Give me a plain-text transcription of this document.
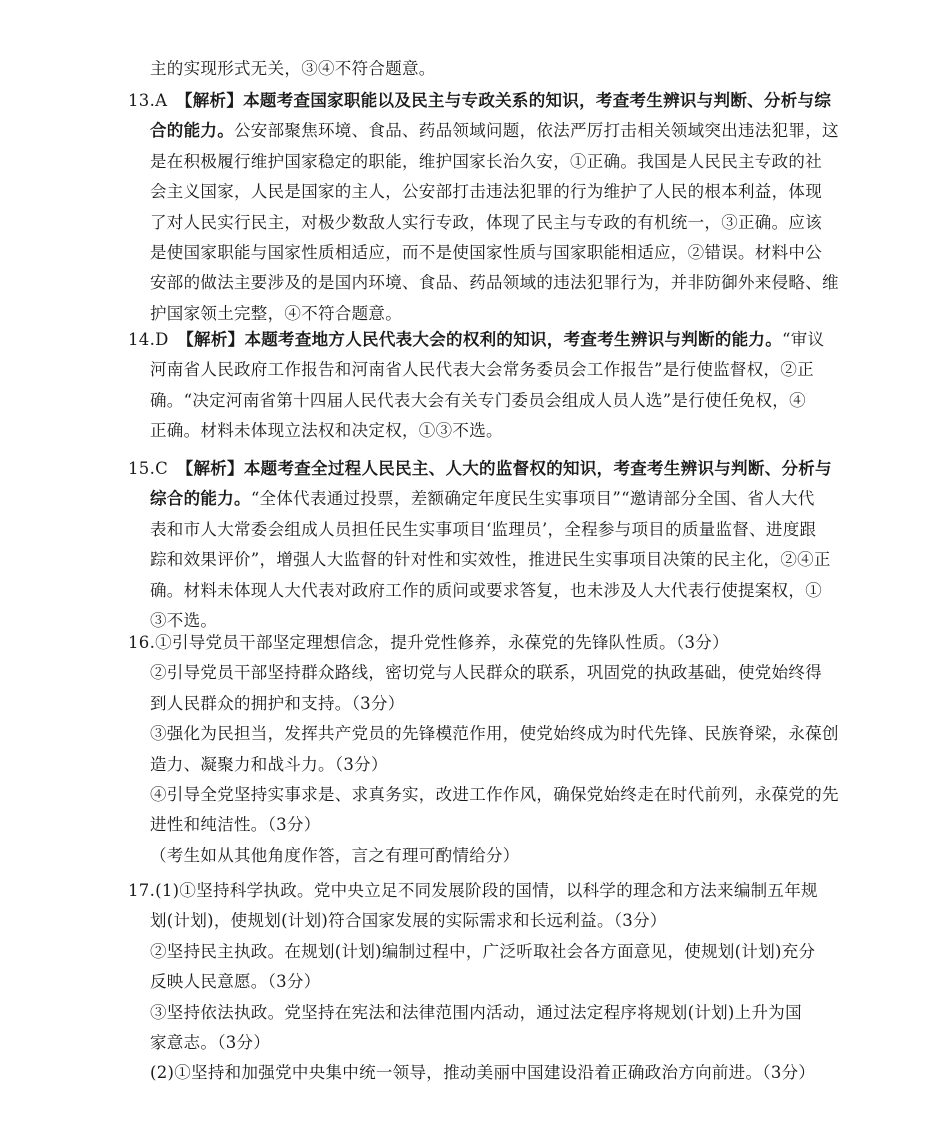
主的实现形式无关，③④不符合题意。
13.A  【解析】本题考查国家职能以及民主与专政关系的知识，考查考生辨识与判断、分析与综
合的能力。公安部聚焦环境、食品、药品领域问题，依法严厉打击相关领域突出违法犯罪，这
是在积极履行维护国家稳定的职能，维护国家长治久安，①正确。我国是人民民主专政的社
会主义国家，人民是国家的主人，公安部打击违法犯罪的行为维护了人民的根本利益，体现
了对人民实行民主，对极少数敌人实行专政，体现了民主与专政的有机统一，③正确。应该
是使国家职能与国家性质相适应，而不是使国家性质与国家职能相适应，②错误。材料中公
安部的做法主要涉及的是国内环境、食品、药品领域的违法犯罪行为，并非防御外来侵略、维
护国家领土完整，④不符合题意。
14.D  【解析】本题考查地方人民代表大会的权利的知识，考查考生辨识与判断的能力。“审议
河南省人民政府工作报告和河南省人民代表大会常务委员会工作报告”是行使监督权，②正
确。“决定河南省第十四届人民代表大会有关专门委员会组成人员人选”是行使任免权，④
正确。材料未体现立法权和决定权，①③不选。
15.C  【解析】本题考查全过程人民民主、人大的监督权的知识，考查考生辨识与判断、分析与
综合的能力。“全体代表通过投票，差额确定年度民生实事项目”“邀请部分全国、省人大代
表和市人大常委会组成人员担任民生实事项目‘监理员’，全程参与项目的质量监督、进度跟
踪和效果评价”，增强人大监督的针对性和实效性，推进民生实事项目决策的民主化，②④正
确。材料未体现人大代表对政府工作的质问或要求答复，也未涉及人大代表行使提案权，①
③不选。
16.①引导党员干部坚定理想信念，提升党性修养，永葆党的先锋队性质。（3分）
②引导党员干部坚持群众路线，密切党与人民群众的联系，巩固党的执政基础，使党始终得
到人民群众的拥护和支持。（3分）
③强化为民担当，发挥共产党员的先锋模范作用，使党始终成为时代先锋、民族脊梁，永葆创
造力、凝聚力和战斗力。（3分）
④引导全党坚持实事求是、求真务实，改进工作作风，确保党始终走在时代前列，永葆党的先
进性和纯洁性。（3分）
（考生如从其他角度作答，言之有理可酌情给分）
17.(1)①坚持科学执政。党中央立足不同发展阶段的国情，以科学的理念和方法来编制五年规
划(计划)，使规划(计划)符合国家发展的实际需求和长远利益。（3分）
②坚持民主执政。在规划(计划)编制过程中，广泛听取社会各方面意见，使规划(计划)充分
反映人民意愿。（3分）
③坚持依法执政。党坚持在宪法和法律范围内活动，通过法定程序将规划(计划)上升为国
家意志。（3分）
(2)①坚持和加强党中央集中统一领导，推动美丽中国建设沿着正确政治方向前进。（3分）
